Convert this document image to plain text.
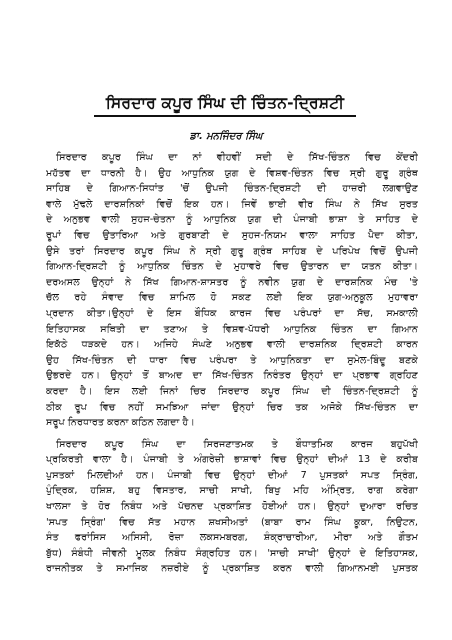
ਸਿਰਦਾਰ ਕਪੂਰ ਸਿੰਘ ਦੀ ਚਿੰਤਨ-ਦ੍ਰਿਸ਼ਟੀ
ਡਾ. ਮਨਜਿੰਦਰ ਸਿੰਘ

ਸਿਰਦਾਰ ਕਪੂਰ ਸਿੰਘ ਦਾ ਨਾਂ ਵੀਹਵੀਂ ਸਦੀ ਦੇ ਸਿੱਖ-ਚਿੰਤਨ ਵਿਚ ਕੇਂਦਰੀ

ਮਹੱਤਵ ਦਾ ਧਾਰਨੀ ਹੈ। ਉਹ ਆਧੁਨਿਕ ਯੁਗ ਦੇ ਵਿਸ਼ਵ-ਚਿੰਤਨ ਵਿਚ ਸ੍ਰੀ ਗੁਰੂ ਗ੍ਰੰਥ

ਸਾਹਿਬ ਦੇ ਗਿਆਨ-ਸਿਧਾਂਤ 'ਚੋਂ ਉਪਜੀ ਚਿੰਤਨ-ਦ੍ਰਿਸ਼ਟੀ ਦੀ ਹਾਜ਼ਰੀ ਲਗਵਾਉਣ

ਵਾਲੇ ਮੁੱਢਲੇ ਦਾਰਸ਼ਨਿਕਾਂ ਵਿਚੋਂ ਇਕ ਹਨ। ਜਿਵੇਂ ਭਾਈ ਵੀਰ ਸਿੰਘ ਨੇ ਸਿੱਖ ਸੁਰਤ

ਦੇ ਅਨੁਭਵ ਵਾਲੀ ਸੁਹਜ-ਚੇਤਨਾ ਨੂੰ ਆਧੁਨਿਕ ਯੁਗ ਦੀ ਪੰਜਾਬੀ ਭਾਸ਼ਾ ਤੇ ਸਾਹਿਤ ਦੇ

ਰੂਪਾਂ ਵਿਚ ਉਤਾਰਿਆ ਅਤੇ ਗੁਰਬਾਣੀ ਦੇ ਸੁਹਜ-ਨਿਯਮ ਵਾਲਾ ਸਾਹਿਤ ਪੈਦਾ ਕੀਤਾ,

ਉਸੇ ਤਰਾਂ ਸਿਰਦਾਰ ਕਪੂਰ ਸਿੰਘ ਨੇ ਸ੍ਰੀ ਗੁਰੂ ਗ੍ਰੰਥ ਸਾਹਿਬ ਦੇ ਪਰਿਪੇਖ ਵਿਚੋਂ ਉਪਜੀ

ਗਿਆਨ-ਦ੍ਰਿਸ਼ਟੀ ਨੂੰ ਆਧੁਨਿਕ ਚਿੰਤਨ ਦੇ ਮੁਹਾਵਰੇ ਵਿਚ ਉਤਾਰਨ ਦਾ ਯਤਨ ਕੀਤਾ।

ਦਰਅਸਲ ਉਨ੍ਹਾਂ ਨੇ ਸਿੱਖ ਗਿਆਨ-ਸ਼ਾਸਤਰ ਨੂੰ ਨਵੀਨ ਯੁਗ ਦੇ ਦਾਰਸ਼ਨਿਕ ਮੰਚ 'ਤੇ

ਚੱਲ ਰਹੇ ਸੰਵਾਦ ਵਿਚ ਸ਼ਾਮਿਲ ਹੋ ਸਕਣ ਲਈ ਇਕ ਯੁਗ-ਅਨੁਕੂਲ ਮੁਹਾਵਰਾ

ਪ੍ਰਦਾਨ ਕੀਤਾ।ਉਨ੍ਹਾਂ ਦੇ ਇਸ ਬੌਧਿਕ ਕਾਰਜ ਵਿਚ ਪਰੰਪਰਾਂ ਦਾ ਸੱਚ, ਸਮਕਾਲੀ

ਇਤਿਹਾਸਕ ਸਥਿਤੀ ਦਾ ਤਣਾਅ ਤੇ ਵਿਸ਼ਵ-ਪੱਧਰੀ ਆਧੁਨਿਕ ਚਿੰਤਨ ਦਾ ਗਿਆਨ

ਇਕੱਠੇ ਧੜਕਦੇ ਹਨ। ਅਜਿਹੇ ਸੰਘਣੇ ਅਨੁਭਵ ਵਾਲੀ ਦਾਰਸ਼ਨਿਕ ਦ੍ਰਿਸ਼ਟੀ ਕਾਰਨ

ਉਹ ਸਿੱਖ-ਚਿੰਤਨ ਦੀ ਧਾਰਾ ਵਿਚ ਪਰੰਪਰਾ ਤੇ ਆਧੁਨਿਕਤਾ ਦਾ ਸੁਮੇਲ-ਬਿੰਦੂ ਬਣਕੇ

ਉਭਰਦੇ ਹਨ। ਉਨ੍ਹਾਂ ਤੋਂ ਬਾਅਦ ਦਾ ਸਿੱਖ-ਚਿੰਤਨ ਨਿਰੰਤਰ ਉਨ੍ਹਾਂ ਦਾ ਪ੍ਰਭਾਵ ਗ੍ਰਹਿਣ

ਕਰਦਾ ਹੈ। ਇਸ ਲਈ ਜਿਨਾਂ ਚਿਰ ਸਿਰਦਾਰ ਕਪੂਰ ਸਿੰਘ ਦੀ ਚਿੰਤਨ-ਦ੍ਰਿਸ਼ਟੀ ਨੂੰ

ਠੀਕ ਰੂਪ ਵਿਚ ਨਹੀਂ ਸਮਝਿਆ ਜਾਂਦਾ ਉਨ੍ਹਾਂ ਚਿਰ ਤਕ ਅਜੋਕੇ ਸਿੱਖ-ਚਿੰਤਨ ਦਾ

ਸਰੂਪ ਨਿਰਧਾਰਤ ਕਰਨਾ ਕਠਿਨ ਲਗਦਾ ਹੈ।

ਸਿਰਦਾਰ ਕਪੂਰ ਸਿੰਘ ਦਾ ਸਿਰਜਣਾਤਮਕ ਤੇ ਬੌਧਾਤਮਿਕ ਕਾਰਜ ਬਹੁਪੱਖੀ

ਪ੍ਰਕਿਰਤੀ ਵਾਲਾ ਹੈ। ਪੰਜਾਬੀ ਤੇ ਅੰਗਰੇਜ਼ੀ ਭਾਸ਼ਾਵਾਂ ਵਿਚ ਉਨ੍ਹਾਂ ਦੀਆਂ 13 ਦੇ ਕਰੀਬ

ਪੁਸਤਕਾਂ ਮਿਲਦੀਆਂ ਹਨ। ਪੰਜਾਬੀ ਵਿਚ ਉਨ੍ਹਾਂ ਦੀਆਂ 7 ਪੁਸਤਕਾਂ ਸਪਤ ਸ੍ਰਿੰਗ,

ਪੁੰਦ੍ਰਿਕ, ਹਸ਼ਿਸ਼, ਬਹੁ ਵਿਸਤਾਰ, ਸਾਚੀ ਸਾਖੀ, ਬਿਖੁ ਮਹਿ ਅੰਮ੍ਰਿਤ, ਰਾਗ ਕਰੇਗਾ

ਖਾਲਸਾ ਤੇ ਹੋਰ ਨਿਬੰਧ ਅਤੇ ਪੱਚਨਦ ਪ੍ਰਕਾਸ਼ਿਤ ਹੋਈਆਂ ਹਨ। ਉਨ੍ਹਾਂ ਦੁਆਰਾ ਰਚਿਤ

'ਸਪਤ ਸ੍ਰਿੰਗ' ਵਿਚ ਸੱਤ ਮਹਾਨ ਸ਼ਖਸੀਅਤਾਂ (ਬਾਬਾ ਰਾਮ ਸਿੰਘ ਕੂਕਾ, ਨਿਉਟਨ,

ਸੰਤ ਫਰਾਂਸਿਸ ਅਸਿਸੀ, ਰੋਜ਼ਾ ਲਕਸਮਬਰਗ, ਸ਼ੰਕ੍ਰਾਚਾਰੀਆ, ਮੀਰਾ ਅਤੇ ਗੌਤਮ

ਬੁੱਧ) ਸੰਬੰਧੀ ਜੀਵਨੀ ਮੂਲਕ ਨਿਬੰਧ ਸੰਗ੍ਰਹਿਤ ਹਨ। 'ਸਾਚੀ ਸਾਖੀ' ਉਨ੍ਹਾਂ ਦੇ ਇਤਿਹਾਸਕ,

ਰਾਜਨੀਤਕ ਤੇ ਸਮਾਜਿਕ ਨਜ਼ਰੀਏ ਨੂੰ ਪ੍ਰਕਾਸ਼ਿਤ ਕਰਨ ਵਾਲੀ ਗਿਆਨਮਈ ਪੁਸਤਕ
